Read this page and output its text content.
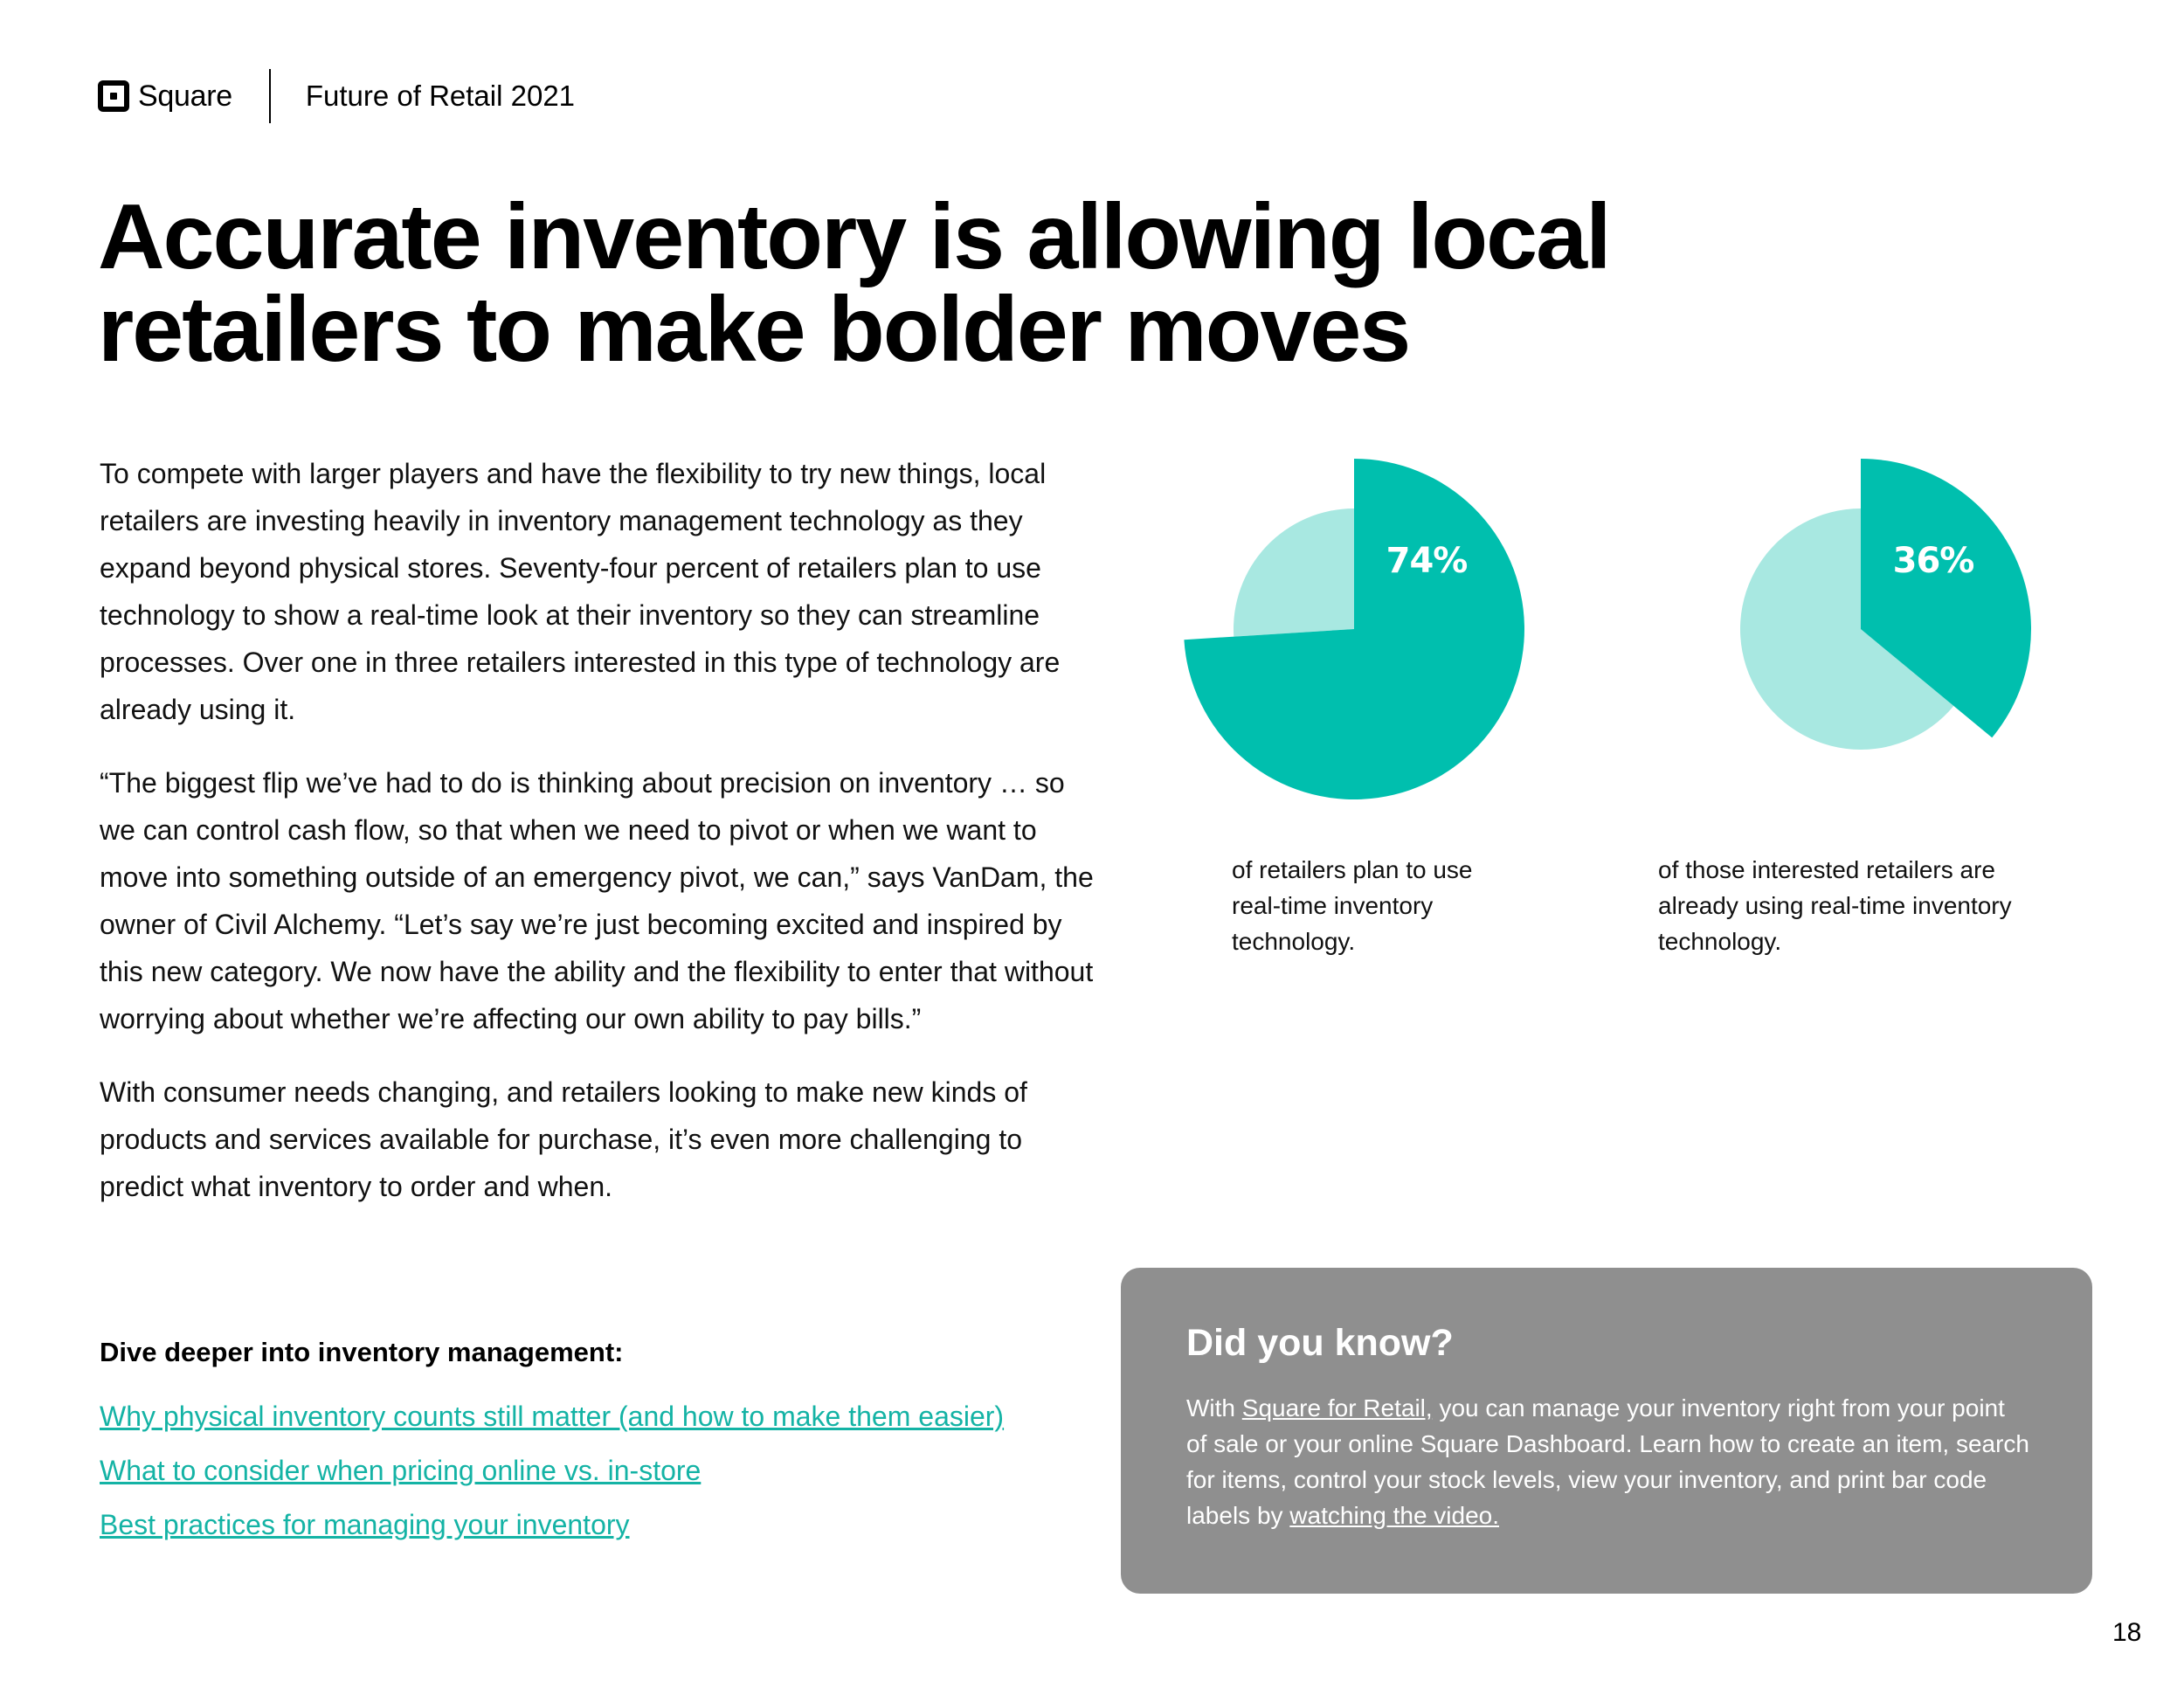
Square	Future of Retail 2021
Accurate inventory is allowing local retailers to make bolder moves

To compete with larger players and have the flexibility to try new things, local retailers are investing heavily in inventory management technology as they expand beyond physical stores. Seventy-four percent of retailers plan to use technology to show a real-time look at their inventory so they can streamline processes. Over one in three retailers interested in this type of technology are already using it.

“The biggest flip we’ve had to do is thinking about precision on inventory … so we can control cash flow, so that when we need to pivot or when we want to move into something outside of an emergency pivot, we can,” says VanDam, the owner of Civil Alchemy. “Let’s say we’re just becoming excited and inspired by this new category. We now have the ability and the flexibility to enter that without worrying about whether we’re affecting our own ability to pay bills.”

With consumer needs changing, and retailers looking to make new kinds of products and services available for purchase, it’s even more challenging to predict what inventory to order and when.

Dive deeper into inventory management:
Why physical inventory counts still matter (and how to make them easier)
What to consider when pricing online vs. in-store
Best practices for managing your inventory
74%	36%
of retailers plan to use real-time inventory technology.
of those interested retailers are already using real-time inventory technology.
Did you know?

With Square for Retail, you can manage your inventory right from your point of sale or your online Square Dashboard. Learn how to create an item, search for items, control your stock levels, view your inventory, and print bar code labels by watching the video.

18
